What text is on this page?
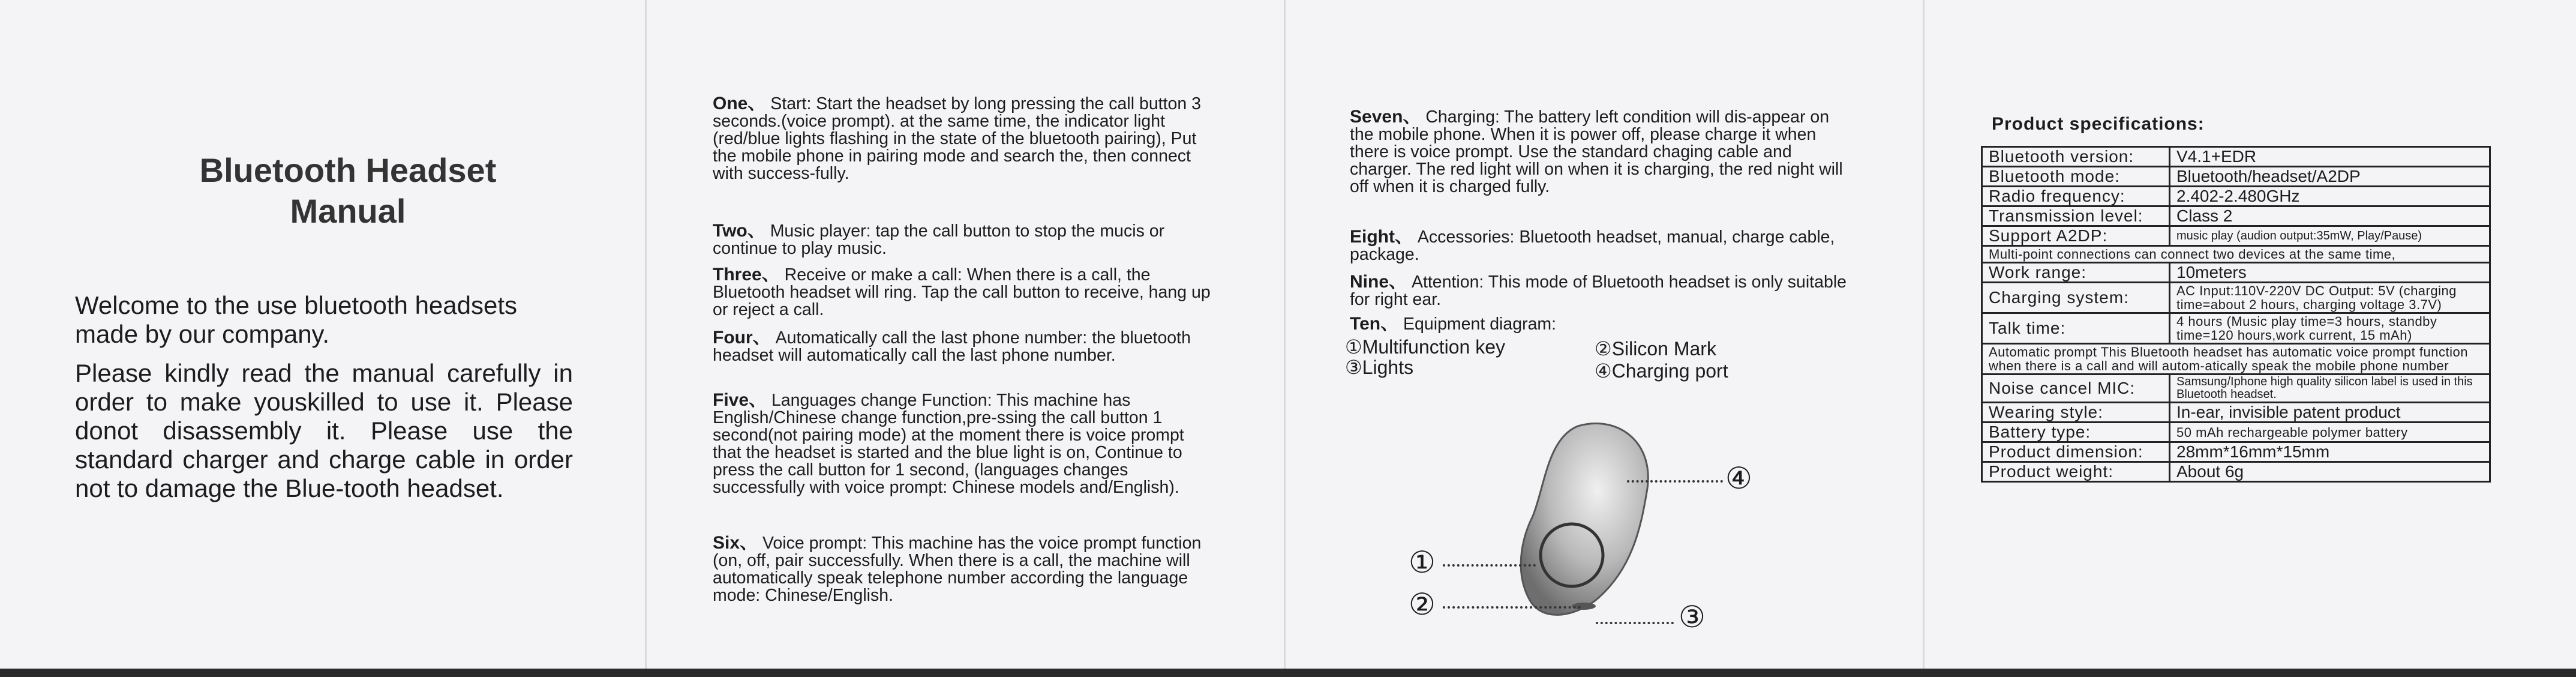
Bluetooth Headset
Manual
Welcome to the use bluetooth headsets made by our company.
Please kindly read the manual carefully in order to make youskilled to use it. Please donot disassembly it. Please use the standard charger and charge cable in order not to damage the Blue-tooth headset.
One、 Start: Start the headset by long pressing the call button 3 seconds.(voice prompt). at the same time, the indicator light (red/blue lights flashing in the state of the bluetooth pairing), Put the mobile phone in pairing mode and search the, then connect with success-fully.
Two、 Music player: tap the call button to stop the mucis or continue to play music.
Three、 Receive or make a call: When there is a call, the Bluetooth headset will ring. Tap the call button to receive, hang up or reject a call.
Four、 Automatically call the last phone number: the bluetooth headset will automatically call the last phone number.
Five、 Languages change Function: This machine has English/Chinese change function,pre-ssing the call button 1 second(not pairing mode) at the moment there is voice prompt that the headset is started and the blue light is on, Continue to press the call button for 1 second, (languages changes successfully with voice prompt: Chinese models and/English).
Six、 Voice prompt: This machine has the voice prompt function (on, off, pair successfully. When there is a call, the machine will automatically speak telephone number according the language mode: Chinese/English.
Seven、 Charging: The battery left condition will dis-appear on the mobile phone. When it is power off, please charge it when there is voice prompt. Use the standard chaging cable and charger. The red light will on when it is charging, the red night will off when it is charged fully.
Eight、 Accessories: Bluetooth headset, manual, charge cable, package.
Nine、 Attention: This mode of Bluetooth headset is only suitable for right ear.
Ten、 Equipment diagram:
①Multifunction key	②Silicon Mark
③Lights	④Charging port
①
②	③
④
Product specifications:
Bluetooth version:	V4.1+EDR
Bluetooth mode:	Bluetooth/headset/A2DP
Radio frequency:	2.402-2.480GHz
Transmission level:	Class 2
Support A2DP:	music play (audion output:35mW, Play/Pause)
Multi-point connections can connect two devices at the same time,	
Work range:	10meters
Charging system:	AC Input:110V-220V DC Output: 5V (charging time=about 2 hours, charging voltage 3.7V)
Talk time:	4 hours (Music play time=3 hours, standby time=120 hours,work current, 15 mAh)
Automatic prompt This Bluetooth headset has automatic voice prompt function when there is a call and will autom-atically speak the mobile phone number	
Noise cancel MIC:	Samsung/Iphone high quality silicon label is used in this Bluetooth headset.
Wearing style:	In-ear, invisible patent product
Battery type:	50 mAh rechargeable polymer battery
Product dimension:	28mm*16mm*15mm
Product weight:	About 6g
